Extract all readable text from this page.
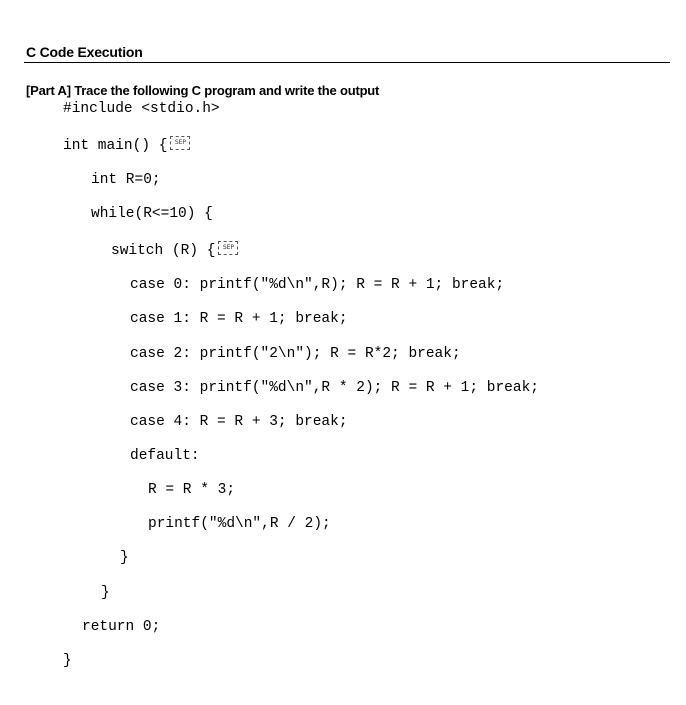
C Code Execution
[Part A] Trace the following C program and write the output
#include <stdio.h>
int main() { SEP
int R=0;
while(R<=10) {
switch (R) { SEP
case 0: printf("%d\n",R); R = R + 1; break;
case 1: R = R + 1; break;
case 2: printf("2\n"); R = R*2; break;
case 3: printf("%d\n",R * 2); R = R + 1; break;
case 4: R = R + 3; break;
default:
R = R * 3;
printf("%d\n",R / 2);
}
}
return 0;
}
